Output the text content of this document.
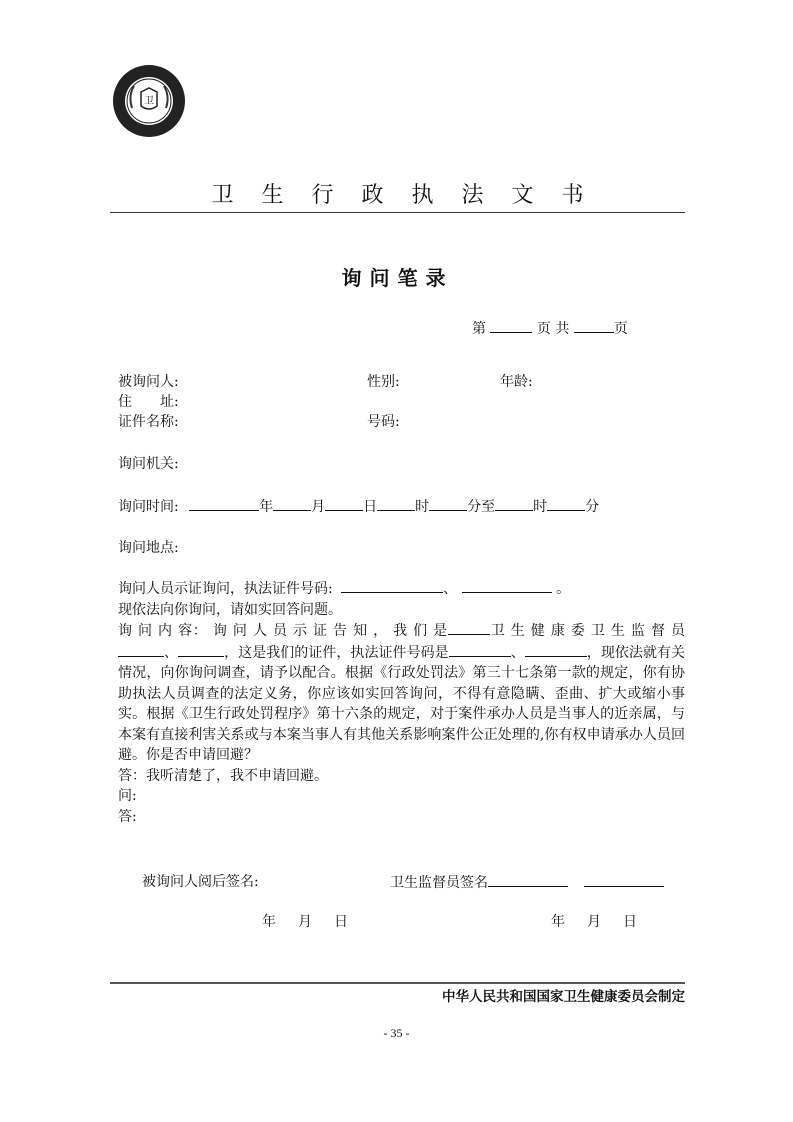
卫
卫生行政执法文书
询问笔录
第	页 共	页
被询问人:	性别:	年龄:
住　　址:
证件名称:	号码:
询问机关:
询问时间:	年	月	日	时	分至	时	分
询问地点:

询问人员示证询问，执法证件号码:	、	。

现依法向你询问，请如实回答问题。

询 问 内 容： 询 问 人 员 示 证 告 知 ， 我 们 是	卫 生 健 康 委 卫 生 监 督 员、	，这是我们的证件，执法证件号码是	、	，现依法就有关情况，向你询问调查，请予以配合。根据《行政处罚法》第三十七条第一款的规定，你有协助执法人员调查的法定义务，你应该如实回答询问，不得有意隐瞒、歪曲、扩大或缩小事实。根据《卫生行政处罚程序》第十六条的规定，对于案件承办人员是当事人的近亲属，与本案有直接利害关系或与本案当事人有其他关系影响案件公正处理的,你有权申请承办人员回避。你是否申请回避？

答：我听清楚了，我不申请回避。

问:

答:

被询问人阅后签名:	卫生监督员签名
年 月 日	年 月 日
中华人民共和国国家卫生健康委员会制定
- 35 -
